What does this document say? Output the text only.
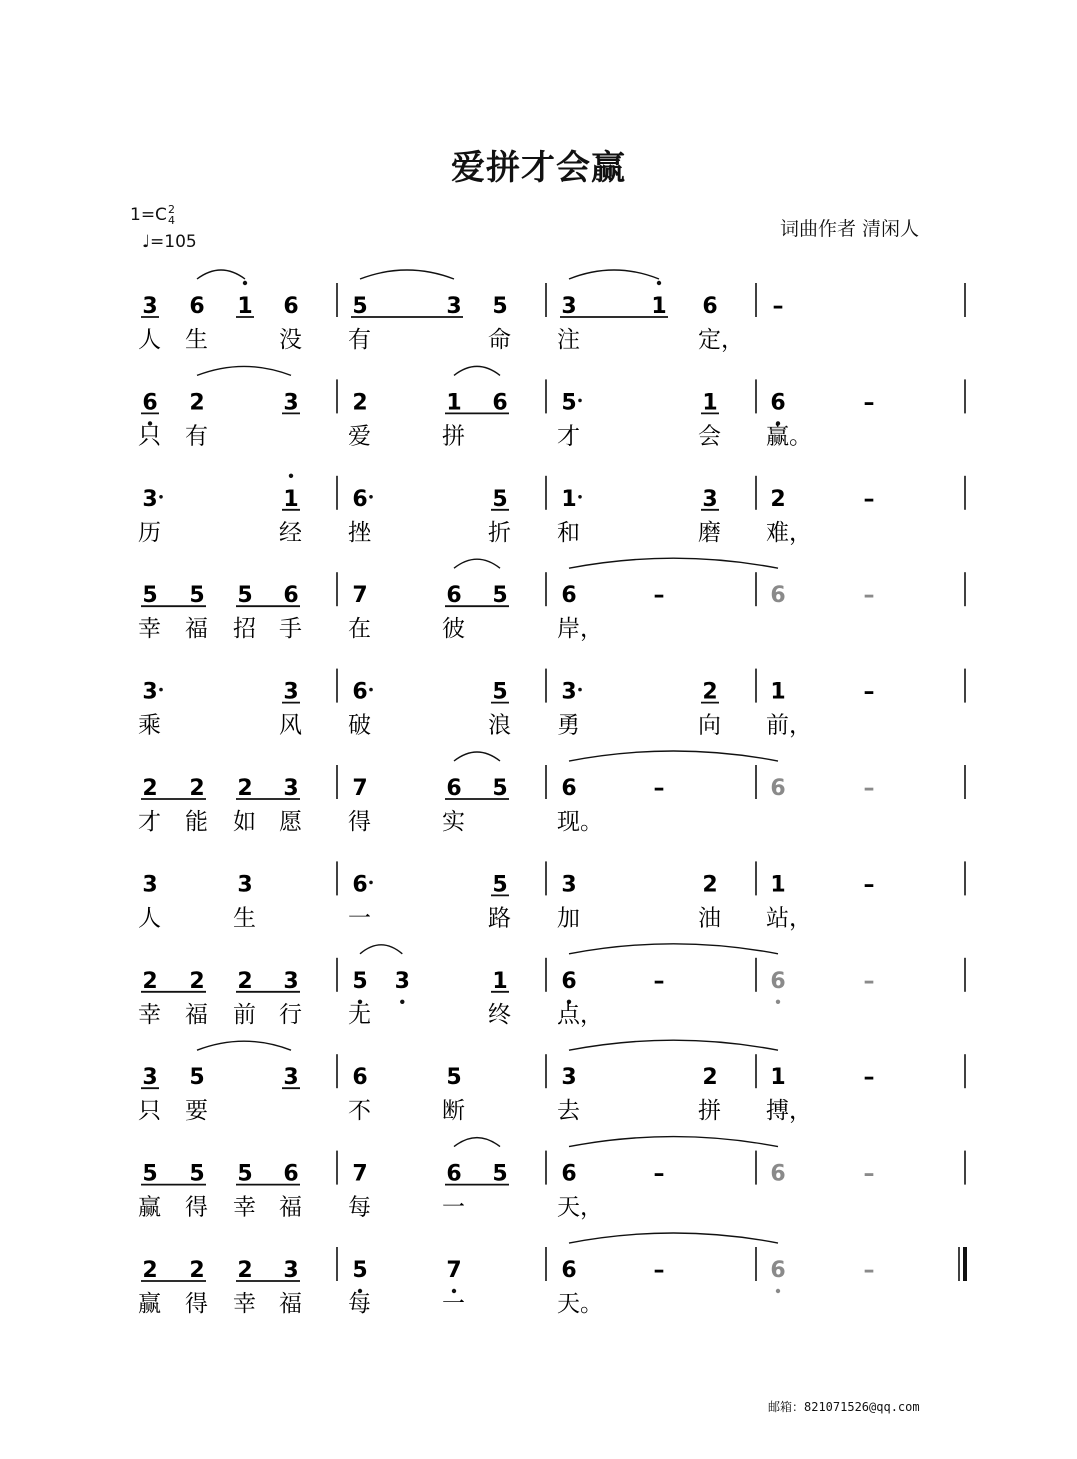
爱拼才会赢
1=C2
4
♩=105
词曲作者 清闲人
3 6 1 6 5	3 5 3	1 6 –
人 生	没 有	命 注	定，
6 2	3 2	1 6 5	1 6	–
只 有	爱	拼	才	会 赢。
3	1 6	5 1	3 2	–
历	经 挫	折 和	磨 难，
5 5 5 6 7	6 5 6	–	6	–
幸 福 招 手 在	彼	岸，
3	3 6	5 3	2 1	–
乘	风 破	浪 勇	向 前，
2 2 2 3 7	6 5 6	–	6	–
才 能 如 愿 得	实	现。
3	3	6	5 3	2 1	–
人	生	一	路 加	油 站，
2 2 2 3 5 3	1 6	–	6	–
幸 福 前 行 无	终 点，
3 5	3 6	5	3	2 1	–
只 要	不	断	去	拼 搏，
5 5 5 6 7	6 5 6	–	6	–
赢 得 幸 福 每	一	天，
2 2 2 3 5	7	6	–	6	–
赢 得 幸 福 每	一	天。
邮箱：821071526@qq.com
